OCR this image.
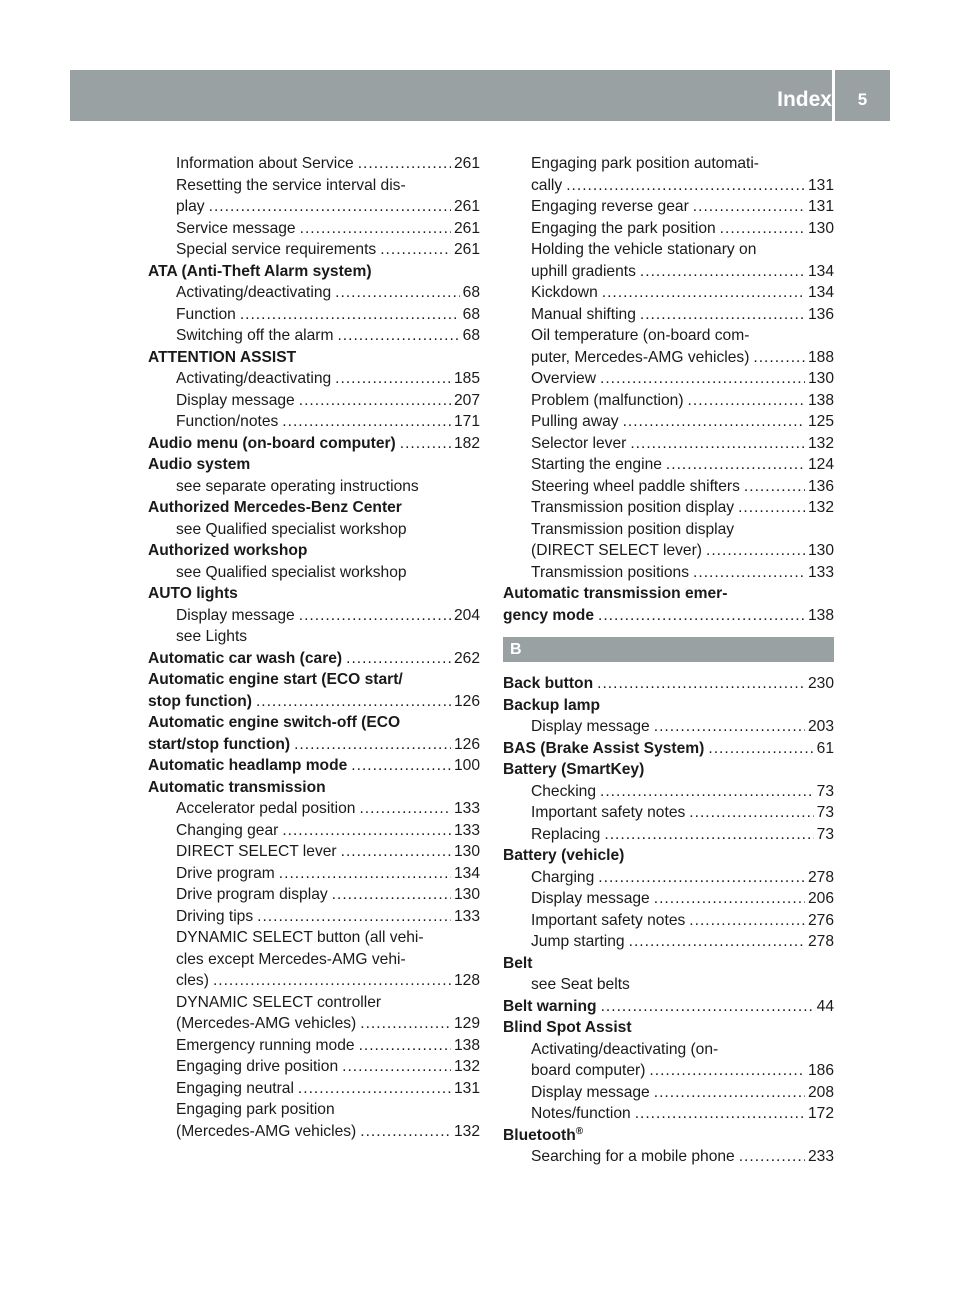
Index	5
Information about Service .....	261
Resetting the service interval dis-
play .....	261
Service message .....	261
Special service requirements .....	261
ATA (Anti-Theft Alarm system)
Activating/deactivating .....	68
Function .....	68
Switching off the alarm .....	68
ATTENTION ASSIST
Activating/deactivating .....	185
Display message .....	207
Function/notes .....	171
Audio menu (on-board computer) .....	182
Audio system
see separate operating instructions
Authorized Mercedes-Benz Center
see Qualified specialist workshop
Authorized workshop
see Qualified specialist workshop
AUTO lights
Display message .....	204
see Lights
Automatic car wash (care) .....	262
Automatic engine start (ECO start/
stop function) .....	126
Automatic engine switch-off (ECO
start/stop function) .....	126
Automatic headlamp mode .....	100
Automatic transmission
Accelerator pedal position .....	133
Changing gear .....	133
DIRECT SELECT lever .....	130
Drive program .....	134
Drive program display .....	130
Driving tips .....	133
DYNAMIC SELECT button (all vehi-
cles except Mercedes-AMG vehi-
cles) .....	128
DYNAMIC SELECT controller
(Mercedes-AMG vehicles) .....	129
Emergency running mode .....	138
Engaging drive position .....	132
Engaging neutral .....	131
Engaging park position
(Mercedes-AMG vehicles) .....	132
Engaging park position automati-
cally .....	131
Engaging reverse gear .....	131
Engaging the park position .....	130
Holding the vehicle stationary on
uphill gradients .....	134
Kickdown .....	134
Manual shifting .....	136
Oil temperature (on-board com-
puter, Mercedes-AMG vehicles) .....	188
Overview .....	130
Problem (malfunction) .....	138
Pulling away .....	125
Selector lever .....	132
Starting the engine .....	124
Steering wheel paddle shifters .....	136
Transmission position display .....	132
Transmission position display
(DIRECT SELECT lever) .....	130
Transmission positions .....	133
Automatic transmission emer-
gency mode .....	138
B
Back button .....	230
Backup lamp
Display message .....	203
BAS (Brake Assist System) .....	61
Battery (SmartKey)
Checking .....	73
Important safety notes .....	73
Replacing .....	73
Battery (vehicle)
Charging .....	278
Display message .....	206
Important safety notes .....	276
Jump starting .....	278
Belt
see Seat belts
Belt warning .....	44
Blind Spot Assist
Activating/deactivating (on-
board computer) .....	186
Display message .....	208
Notes/function .....	172
Bluetooth®
Searching for a mobile phone .....	233
